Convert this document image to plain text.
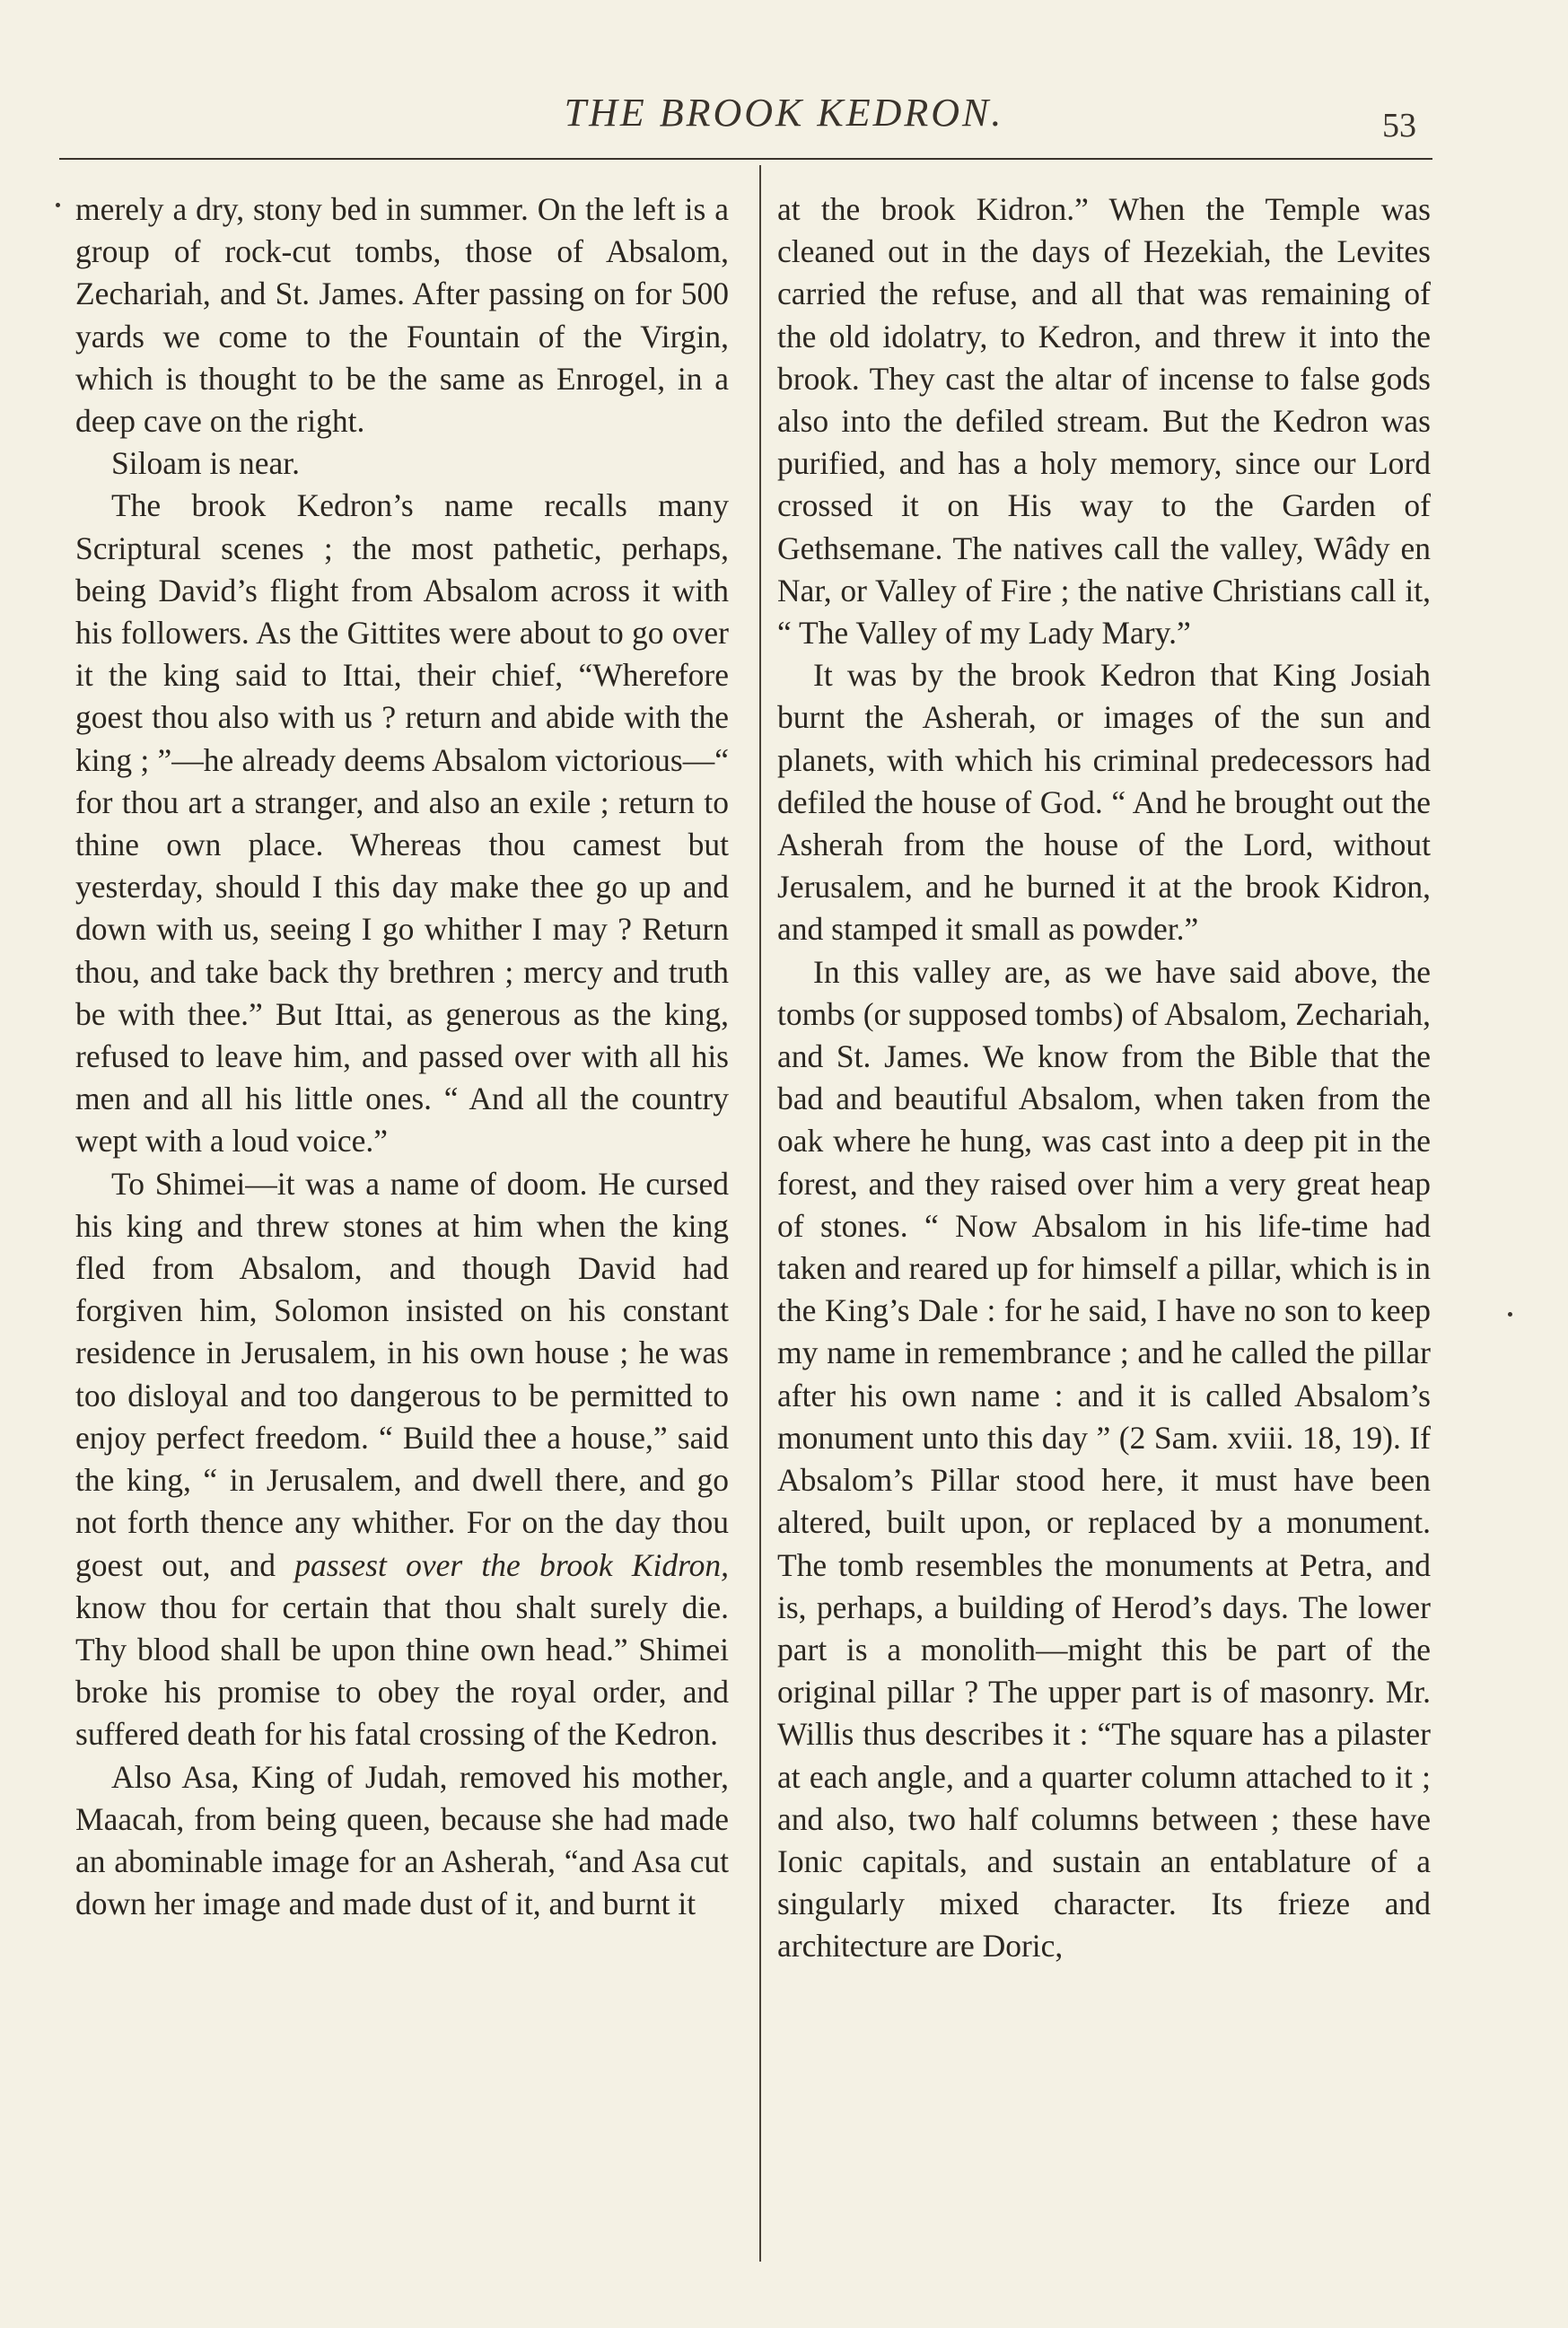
THE BROOK KEDRON.	53

merely a dry, stony bed in summer. On the left is a group of rock-cut tombs, those of Absalom, Zechariah, and St. James. After passing on for 500 yards we come to the Fountain of the Virgin, which is thought to be the same as Enrogel, in a deep cave on the right.

Siloam is near.

The brook Kedron’s name recalls many Scriptural scenes ; the most pathetic, perhaps, being David’s flight from Absalom across it with his followers. As the Gittites were about to go over it the king said to Ittai, their chief, “Wherefore goest thou also with us ? return and abide with the king ; ”—he already deems Absalom victorious—“ for thou art a stranger, and also an exile ; return to thine own place. Whereas thou camest but yesterday, should I this day make thee go up and down with us, seeing I go whither I may ? Return thou, and take back thy brethren ; mercy and truth be with thee.” But Ittai, as generous as the king, refused to leave him, and passed over with all his men and all his little ones. “ And all the country wept with a loud voice.”

To Shimei—it was a name of doom. He cursed his king and threw stones at him when the king fled from Absalom, and though David had forgiven him, Solomon insisted on his constant residence in Jerusalem, in his own house ; he was too disloyal and too dangerous to be permitted to enjoy perfect freedom. “ Build thee a house,” said the king, “ in Jerusalem, and dwell there, and go not forth thence any whither. For on the day thou goest out, and passest over the brook Kidron, know thou for certain that thou shalt surely die. Thy blood shall be upon thine own head.” Shimei broke his promise to obey the royal order, and suffered death for his fatal crossing of the Kedron.

Also Asa, King of Judah, removed his mother, Maacah, from being queen, because she had made an abominable image for an Asherah, “and Asa cut down her image and made dust of it, and burnt it

at the brook Kidron.” When the Temple was cleaned out in the days of Hezekiah, the Levites carried the refuse, and all that was remaining of the old idolatry, to Kedron, and threw it into the brook. They cast the altar of incense to false gods also into the defiled stream. But the Kedron was purified, and has a holy memory, since our Lord crossed it on His way to the Garden of Gethsemane. The natives call the valley, Wâdy en Nar, or Valley of Fire ; the native Christians call it, “ The Valley of my Lady Mary.”

It was by the brook Kedron that King Josiah burnt the Asherah, or images of the sun and planets, with which his criminal predecessors had defiled the house of God. “ And he brought out the Asherah from the house of the Lord, without Jerusalem, and he burned it at the brook Kidron, and stamped it small as powder.”

In this valley are, as we have said above, the tombs (or supposed tombs) of Absalom, Zechariah, and St. James. We know from the Bible that the bad and beautiful Absalom, when taken from the oak where he hung, was cast into a deep pit in the forest, and they raised over him a very great heap of stones. “ Now Absalom in his life-time had taken and reared up for himself a pillar, which is in the King’s Dale : for he said, I have no son to keep my name in remembrance ; and he called the pillar after his own name : and it is called Absalom’s monument unto this day ” (2 Sam. xviii. 18, 19). If Absalom’s Pillar stood here, it must have been altered, built upon, or replaced by a monument. The tomb resembles the monuments at Petra, and is, perhaps, a building of Herod’s days. The lower part is a monolith—might this be part of the original pillar ? The upper part is of masonry. Mr. Willis thus describes it : “The square has a pilaster at each angle, and a quarter column attached to it ; and also, two half columns between ; these have Ionic capitals, and sustain an entablature of a singularly mixed character. Its frieze and architecture are Doric,
